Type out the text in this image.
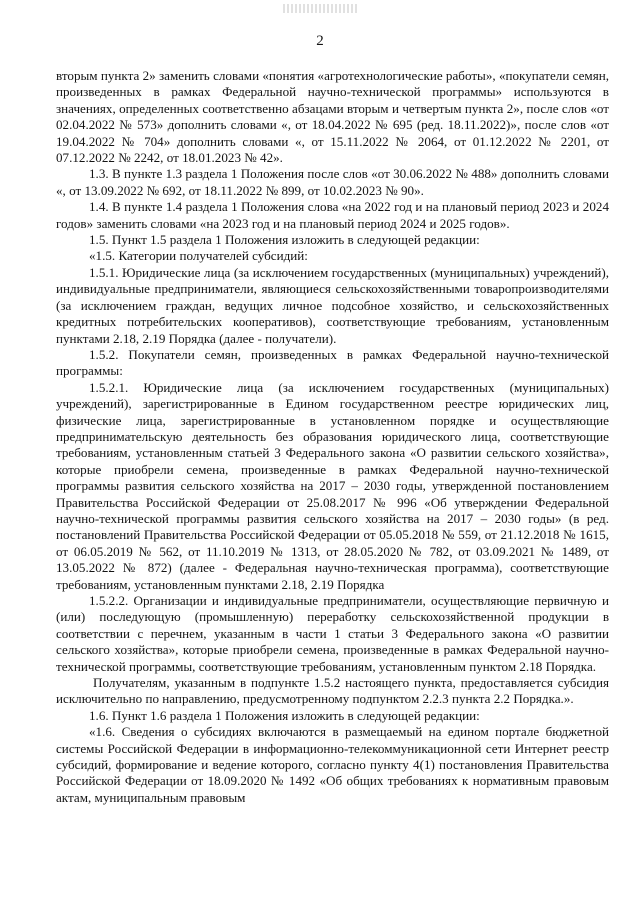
2

вторым пункта 2» заменить словами «понятия «агротехнологические работы», «покупатели семян, произведенных в рамках Федеральной научно-технической программы» используются в значениях, определенных соответственно абзацами вторым и четвертым пункта 2», после слов «от 02.04.2022 № 573» дополнить словами «, от 18.04.2022 № 695 (ред. 18.11.2022)», после слов «от 19.04.2022 № 704» дополнить словами «, от 15.11.2022 № 2064, от 01.12.2022 № 2201, от 07.12.2022 № 2242, от 18.01.2023 № 42».

1.3. В пункте 1.3 раздела 1 Положения после слов «от 30.06.2022 № 488» дополнить словами «, от 13.09.2022 № 692, от 18.11.2022 № 899, от 10.02.2023 № 90».

1.4. В пункте 1.4 раздела 1 Положения слова «на 2022 год и на плановый период 2023 и 2024 годов» заменить словами «на 2023 год и на плановый период 2024 и 2025 годов».

1.5. Пункт 1.5 раздела 1 Положения изложить в следующей редакции:

«1.5. Категории получателей субсидий:

1.5.1. Юридические лица (за исключением государственных (муниципальных) учреждений), индивидуальные предприниматели, являющиеся сельскохозяйственными товаропроизводителями (за исключением граждан, ведущих личное подсобное хозяйство, и сельскохозяйственных кредитных потребительских кооперативов), соответствующие требованиям, установленным пунктами 2.18, 2.19 Порядка (далее - получатели).

1.5.2. Покупатели семян, произведенных в рамках Федеральной научно-технической программы:

1.5.2.1. Юридические лица (за исключением государственных (муниципальных) учреждений), зарегистрированные в Едином государственном реестре юридических лиц, физические лица, зарегистрированные в установленном порядке и осуществляющие предпринимательскую деятельность без образования юридического лица, соответствующие требованиям, установленным статьей 3 Федерального закона «О развитии сельского хозяйства», которые приобрели семена, произведенные в рамках Федеральной научно-технической программы развития сельского хозяйства на 2017 – 2030 годы, утвержденной постановлением Правительства Российской Федерации от 25.08.2017 № 996 «Об утверждении Федеральной научно-технической программы развития сельского хозяйства на 2017 – 2030 годы» (в ред. постановлений Правительства Российской Федерации от 05.05.2018 № 559, от 21.12.2018 № 1615, от 06.05.2019 № 562, от 11.10.2019 № 1313, от 28.05.2020 № 782, от 03.09.2021 № 1489, от 13.05.2022 № 872) (далее - Федеральная научно-техническая программа), соответствующие требованиям, установленным пунктами 2.18, 2.19 Порядка

1.5.2.2. Организации и индивидуальные предприниматели, осуществляющие первичную и (или) последующую (промышленную) переработку сельскохозяйственной продукции в соответствии с перечнем, указанным в части 1 статьи 3 Федерального закона «О развитии сельского хозяйства», которые приобрели семена, произведенные в рамках Федеральной научно-технической программы, соответствующие требованиям, установленным пунктом 2.18 Порядка.

Получателям, указанным в подпункте 1.5.2 настоящего пункта, предоставляется субсидия исключительно по направлению, предусмотренному подпунктом 2.2.3 пункта 2.2 Порядка.».

1.6. Пункт 1.6 раздела 1 Положения изложить в следующей редакции:

«1.6. Сведения о субсидиях включаются в размещаемый на едином портале бюджетной системы Российской Федерации в информационно-телекоммуникационной сети Интернет реестр субсидий, формирование и ведение которого, согласно пункту 4(1) постановления Правительства Российской Федерации от 18.09.2020 № 1492 «Об общих требованиях к нормативным правовым актам, муниципальным правовым
